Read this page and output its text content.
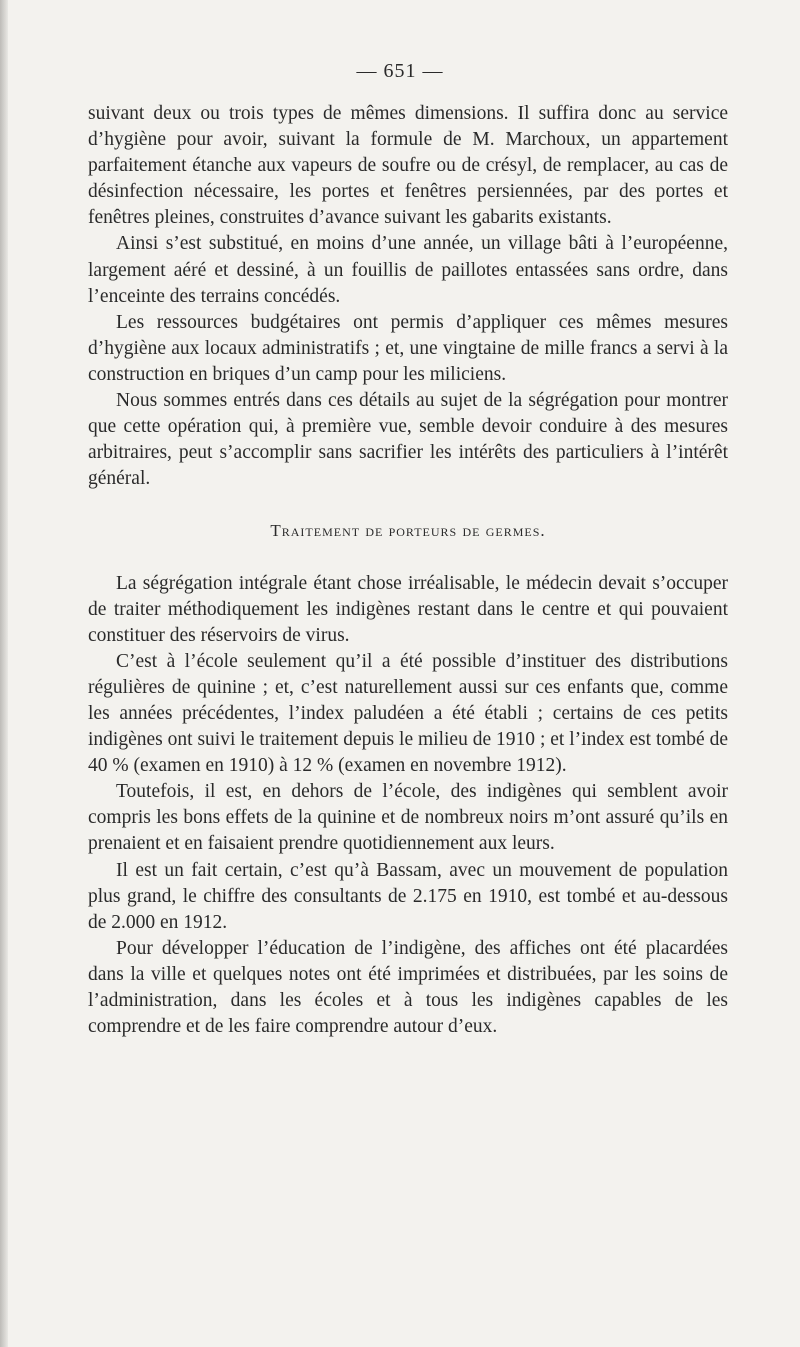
— 651 —

suivant deux ou trois types de mêmes dimensions. Il suffira donc au service d’hygiène pour avoir, suivant la formule de M. Marchoux, un appartement parfaitement étanche aux vapeurs de soufre ou de crésyl, de remplacer, au cas de désinfection nécessaire, les portes et fenêtres persiennées, par des portes et fenêtres pleines, construites d’avance suivant les gabarits existants.

Ainsi s’est substitué, en moins d’une année, un village bâti à l’européenne, largement aéré et dessiné, à un fouillis de paillotes entassées sans ordre, dans l’enceinte des terrains concédés.

Les ressources budgétaires ont permis d’appliquer ces mêmes mesures d’hygiène aux locaux administratifs ; et, une vingtaine de mille francs a servi à la construction en briques d’un camp pour les miliciens.

Nous sommes entrés dans ces détails au sujet de la ségrégation pour montrer que cette opération qui, à première vue, semble devoir conduire à des mesures arbitraires, peut s’accomplir sans sacrifier les intérêts des particuliers à l’intérêt général.

Traitement de porteurs de germes.

La ségrégation intégrale étant chose irréalisable, le médecin devait s’occuper de traiter méthodiquement les indigènes restant dans le centre et qui pouvaient constituer des réservoirs de virus.

C’est à l’école seulement qu’il a été possible d’instituer des distributions régulières de quinine ; et, c’est naturellement aussi sur ces enfants que, comme les années précédentes, l’index paludéen a été établi ; certains de ces petits indigènes ont suivi le traitement depuis le milieu de 1910 ; et l’index est tombé de 40 % (examen en 1910) à 12 % (examen en novembre 1912).

Toutefois, il est, en dehors de l’école, des indigènes qui semblent avoir compris les bons effets de la quinine et de nombreux noirs m’ont assuré qu’ils en prenaient et en faisaient prendre quotidiennement aux leurs.

Il est un fait certain, c’est qu’à Bassam, avec un mouvement de population plus grand, le chiffre des consultants de 2.175 en 1910, est tombé et au-dessous de 2.000 en 1912.

Pour développer l’éducation de l’indigène, des affiches ont été placardées dans la ville et quelques notes ont été imprimées et distribuées, par les soins de l’administration, dans les écoles et à tous les indigènes capables de les comprendre et de les faire comprendre autour d’eux.
